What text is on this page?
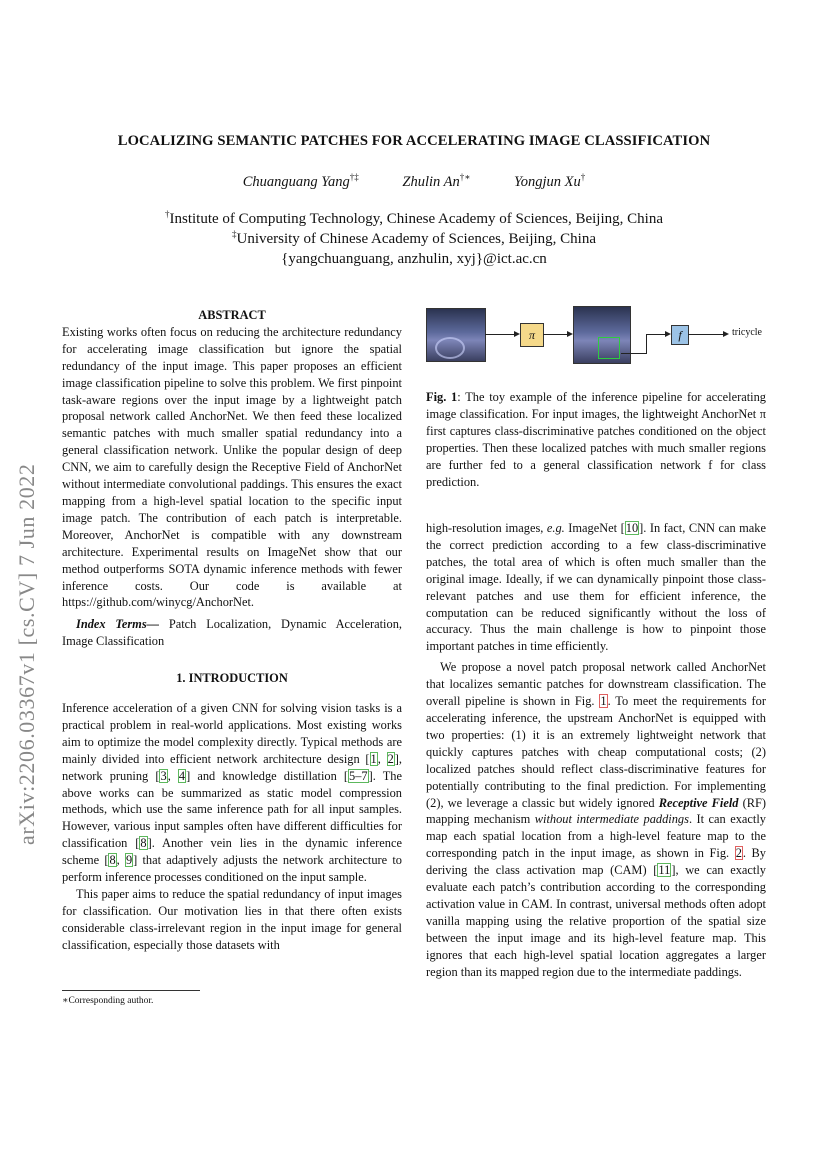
LOCALIZING SEMANTIC PATCHES FOR ACCELERATING IMAGE CLASSIFICATION
Chuanguang Yang†‡	Zhulin An†∗	Yongjun Xu†
†Institute of Computing Technology, Chinese Academy of Sciences, Beijing, China
‡University of Chinese Academy of Sciences, Beijing, China
{yangchuanguang, anzhulin, xyj}@ict.ac.cn
arXiv:2206.03367v1 [cs.CV] 7 Jun 2022
ABSTRACT

Existing works often focus on reducing the architecture redundancy for accelerating image classification but ignore the spatial redundancy of the input image. This paper proposes an efficient image classification pipeline to solve this problem. We first pinpoint task-aware regions over the input image by a lightweight patch proposal network called AnchorNet. We then feed these localized semantic patches with much smaller spatial redundancy into a general classification network. Unlike the popular design of deep CNN, we aim to carefully design the Receptive Field of AnchorNet without intermediate convolutional paddings. This ensures the exact mapping from a high-level spatial location to the specific input image patch. The contribution of each patch is interpretable. Moreover, AnchorNet is compatible with any downstream architecture. Experimental results on ImageNet show that our method outperforms SOTA dynamic inference methods with fewer inference costs. Our code is available at https://github.com/winycg/AnchorNet.

Index Terms— Patch Localization, Dynamic Acceleration, Image Classification

1. INTRODUCTION

Inference acceleration of a given CNN for solving vision tasks is a practical problem in real-world applications. Most existing works aim to optimize the model complexity directly. Typical methods are mainly divided into efficient network architecture design [1, 2], network pruning [3, 4] and knowledge distillation [5–7]. The above works can be summarized as static model compression methods, which use the same inference path for all input samples. However, various input samples often have different difficulties for classification [8]. Another vein lies in the dynamic inference scheme [8, 9] that adaptively adjusts the network architecture to perform inference processes conditioned on the input sample.

This paper aims to reduce the spatial redundancy of input images for classification. Our motivation lies in that there often exists considerable class-irrelevant region in the input image for general classification, especially those datasets with

∗Corresponding author.
π	f	tricycle
Fig. 1: The toy example of the inference pipeline for accelerating image classification. For input images, the lightweight AnchorNet π first captures class-discriminative patches conditioned on the object properties. Then these localized patches with much smaller regions are further fed to a general classification network f for class prediction.

high-resolution images, e.g. ImageNet [10]. In fact, CNN can make the correct prediction according to a few class-discriminative patches, the total area of which is often much smaller than the original image. Ideally, if we can dynamically pinpoint those class-relevant patches and use them for efficient inference, the computation can be reduced significantly without the loss of accuracy. Thus the main challenge is how to pinpoint those important patches in time efficiently.

We propose a novel patch proposal network called AnchorNet that localizes semantic patches for downstream classification. The overall pipeline is shown in Fig. 1. To meet the requirements for accelerating inference, the upstream AnchorNet is equipped with two properties: (1) it is an extremely lightweight network that quickly captures patches with cheap computational costs; (2) localized patches should reflect class-discriminative features for potentially contributing to the final prediction. For implementing (2), we leverage a classic but widely ignored Receptive Field (RF) mapping mechanism without intermediate paddings. It can exactly map each spatial location from a high-level feature map to the corresponding patch in the input image, as shown in Fig. 2. By deriving the class activation map (CAM) [11], we can exactly evaluate each patch’s contribution according to the corresponding activation value in CAM. In contrast, universal methods often adopt vanilla mapping using the relative proportion of the spatial size between the input image and its high-level feature map. This ignores that each high-level spatial location aggregates a larger region than its mapped region due to the intermediate paddings.
